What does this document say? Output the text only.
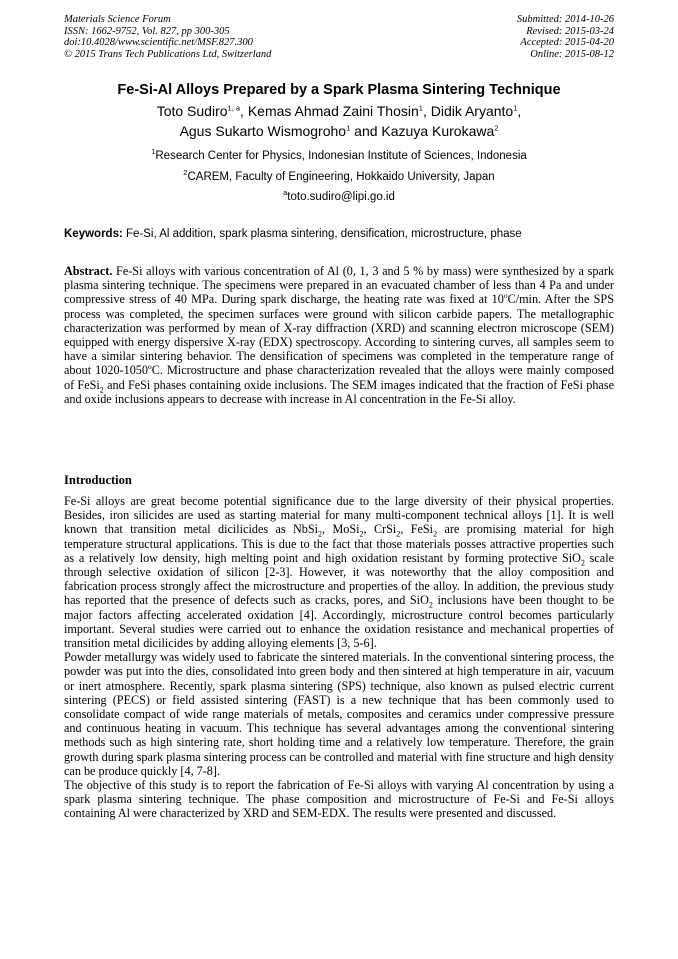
Materials Science Forum
ISSN: 1662-9752, Vol. 827, pp 300-305
doi:10.4028/www.scientific.net/MSF.827.300
© 2015 Trans Tech Publications Ltd, Switzerland
Submitted: 2014-10-26
Revised: 2015-03-24
Accepted: 2015-04-20
Online: 2015-08-12
Fe-Si-Al Alloys Prepared by a Spark Plasma Sintering Technique
Toto Sudiro$^{1, a}$, Kemas Ahmad Zaini Thosin$^1$, Didik Aryanto$^1$,
Agus Sukarto Wismogroho$^1$ and Kazuya Kurokawa$^2$
$^1$Research Center for Physics, Indonesian Institute of Sciences, Indonesia
$^2$CAREM, Faculty of Engineering, Hokkaido University, Japan
$^a$toto.sudiro@lipi.go.id
Keywords: Fe-Si, Al addition, spark plasma sintering, densification, microstructure, phase
Abstract. Fe-Si alloys with various concentration of Al (0, 1, 3 and 5 % by mass) were synthesized by a spark plasma sintering technique. The specimens were prepared in an evacuated chamber of less than 4 Pa and under compressive stress of 40 MPa. During spark discharge, the heating rate was fixed at 10$^o$C/min. After the SPS process was completed, the specimen surfaces were ground with silicon carbide papers. The metallographic characterization was performed by mean of X-ray diffraction (XRD) and scanning electron microscope (SEM) equipped with energy dispersive X-ray (EDX) spectroscopy. According to sintering curves, all samples seem to have a similar sintering behavior. The densification of specimens was completed in the temperature range of about 1020-1050$^o$C. Microstructure and phase characterization revealed that the alloys were mainly composed of FeSi$_2$ and FeSi phases containing oxide inclusions. The SEM images indicated that the fraction of FeSi phase and oxide inclusions appears to decrease with increase in Al concentration in the Fe-Si alloy.
Introduction

Fe-Si alloys are great become potential significance due to the large diversity of their physical properties. Besides, iron silicides are used as starting material for many multi-component technical alloys [1]. It is well known that transition metal dicilicides as NbSi$_2$, MoSi$_2$, CrSi$_2$, FeSi$_2$ are promising material for high temperature structural applications. This is due to the fact that those materials posses attractive properties such as a relatively low density, high melting point and high oxidation resistant by forming protective SiO$_2$ scale through selective oxidation of silicon [2-3]. However, it was noteworthy that the alloy composition and fabrication process strongly affect the microstructure and properties of the alloy. In addition, the previous study has reported that the presence of defects such as cracks, pores, and SiO$_2$ inclusions have been thought to be major factors affecting accelerated oxidation [4]. Accordingly, microstructure control becomes particularly important. Several studies were carried out to enhance the oxidation resistance and mechanical properties of transition metal dicilicides by adding alloying elements [3, 5-6].

Powder metallurgy was widely used to fabricate the sintered materials. In the conventional sintering process, the powder was put into the dies, consolidated into green body and then sintered at high temperature in air, vacuum or inert atmosphere. Recently, spark plasma sintering (SPS) technique, also known as pulsed electric current sintering (PECS) or field assisted sintering (FAST) is a new technique that has been commonly used to consolidate compact of wide range materials of metals, composites and ceramics under compressive pressure and continuous heating in vacuum. This technique has several advantages among the conventional sintering methods such as high sintering rate, short holding time and a relatively low temperature. Therefore, the grain growth during spark plasma sintering process can be controlled and material with fine structure and high density can be produce quickly [4, 7-8].

The objective of this study is to report the fabrication of Fe-Si alloys with varying Al concentration by using a spark plasma sintering technique. The phase composition and microstructure of Fe-Si and Fe-Si alloys containing Al were characterized by XRD and SEM-EDX. The results were presented and discussed.
